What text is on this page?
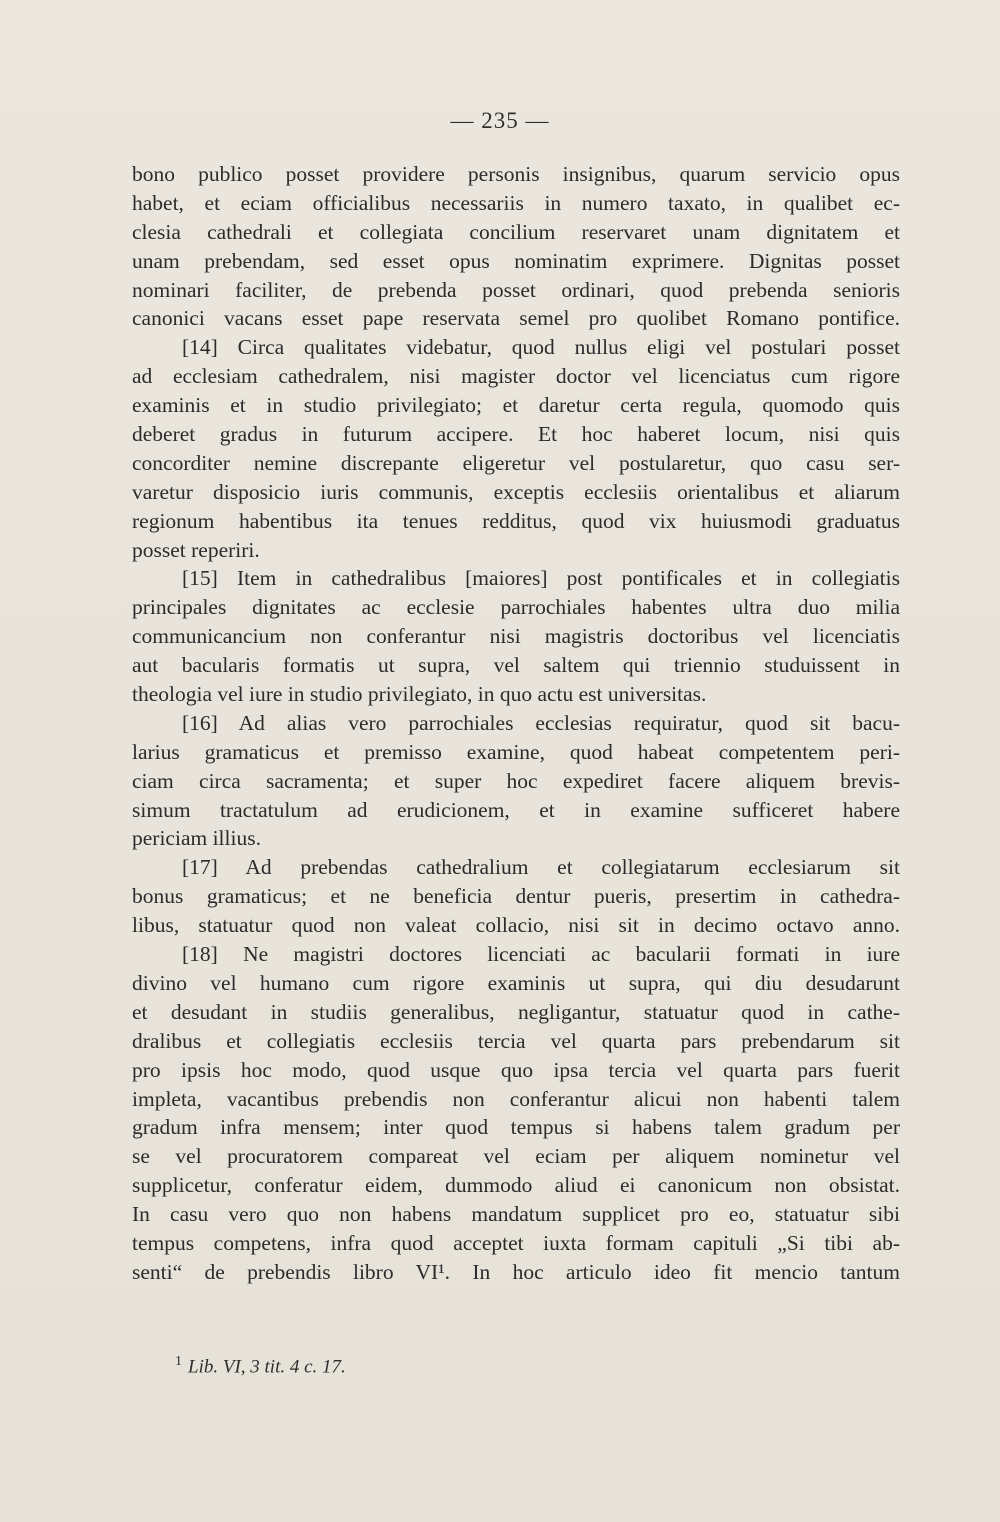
— 235 —
bono publico posset providere personis insignibus, quarum servicio opus
habet, et eciam officialibus necessariis in numero taxato, in qualibet ec-
clesia cathedrali et collegiata concilium reservaret unam dignitatem et
unam prebendam, sed esset opus nominatim exprimere. Dignitas posset
nominari faciliter, de prebenda posset ordinari, quod prebenda senioris
canonici vacans esset pape reservata semel pro quolibet Romano pontifice.
[14] Circa qualitates videbatur, quod nullus eligi vel postulari posset
ad ecclesiam cathedralem, nisi magister doctor vel licenciatus cum rigore
examinis et in studio privilegiato; et daretur certa regula, quomodo quis
deberet gradus in futurum accipere. Et hoc haberet locum, nisi quis
concorditer nemine discrepante eligeretur vel postularetur, quo casu ser-
varetur disposicio iuris communis, exceptis ecclesiis orientalibus et aliarum
regionum habentibus ita tenues redditus, quod vix huiusmodi graduatus
posset reperiri.
[15] Item in cathedralibus [maiores] post pontificales et in collegiatis
principales dignitates ac ecclesie parrochiales habentes ultra duo milia
communicancium non conferantur nisi magistris doctoribus vel licenciatis
aut bacularis formatis ut supra, vel saltem qui triennio studuissent in
theologia vel iure in studio privilegiato, in quo actu est universitas.
[16] Ad alias vero parrochiales ecclesias requiratur, quod sit bacu-
larius gramaticus et premisso examine, quod habeat competentem peri-
ciam circa sacramenta; et super hoc expediret facere aliquem brevis-
simum tractatulum ad erudicionem, et in examine sufficeret habere
periciam illius.
[17] Ad prebendas cathedralium et collegiatarum ecclesiarum sit
bonus gramaticus; et ne beneficia dentur pueris, presertim in cathedra-
libus, statuatur quod non valeat collacio, nisi sit in decimo octavo anno.
[18] Ne magistri doctores licenciati ac bacularii formati in iure
divino vel humano cum rigore examinis ut supra, qui diu desudarunt
et desudant in studiis generalibus, negligantur, statuatur quod in cathe-
dralibus et collegiatis ecclesiis tercia vel quarta pars prebendarum sit
pro ipsis hoc modo, quod usque quo ipsa tercia vel quarta pars fuerit
impleta, vacantibus prebendis non conferantur alicui non habenti talem
gradum infra mensem; inter quod tempus si habens talem gradum per
se vel procuratorem compareat vel eciam per aliquem nominetur vel
supplicetur, conferatur eidem, dummodo aliud ei canonicum non obsistat.
In casu vero quo non habens mandatum supplicet pro eo, statuatur sibi
tempus competens, infra quod acceptet iuxta formam capituli „Si tibi ab-
senti“ de prebendis libro VI¹. In hoc articulo ideo fit mencio tantum
$^1$ Lib. VI, 3 tit. 4 c. 17.
